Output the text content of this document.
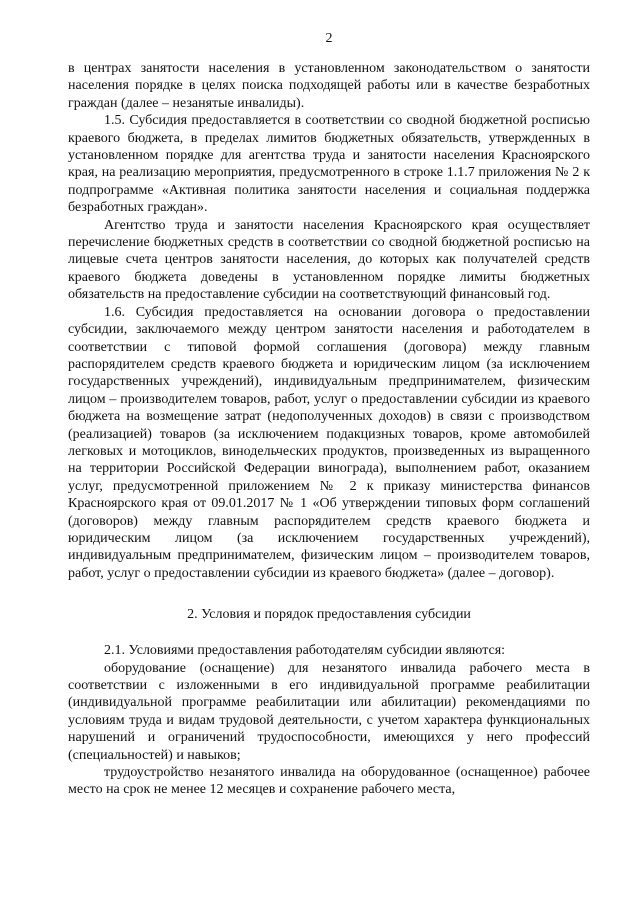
2

в центрах занятости населения в установленном законодательством о занятости населения порядке в целях поиска подходящей работы или в качестве безработных граждан (далее – незанятые инвалиды).

1.5. Субсидия предоставляется в соответствии со сводной бюджетной росписью краевого бюджета, в пределах лимитов бюджетных обязательств, утвержденных в установленном порядке для агентства труда и занятости населения Красноярского края, на реализацию мероприятия, предусмотренного в строке 1.1.7 приложения № 2 к подпрограмме «Активная политика занятости населения и социальная поддержка безработных граждан».

Агентство труда и занятости населения Красноярского края осуществляет перечисление бюджетных средств в соответствии со сводной бюджетной росписью на лицевые счета центров занятости населения, до которых как получателей средств краевого бюджета доведены в установленном порядке лимиты бюджетных обязательств на предоставление субсидии на соответствующий финансовый год.

1.6. Субсидия предоставляется на основании договора о предоставлении субсидии, заключаемого между центром занятости населения и работодателем в соответствии с типовой формой соглашения (договора) между главным распорядителем средств краевого бюджета и юридическим лицом (за исключением государственных учреждений), индивидуальным предпринимателем, физическим лицом – производителем товаров, работ, услуг о предоставлении субсидии из краевого бюджета на возмещение затрат (недополученных доходов) в связи с производством (реализацией) товаров (за исключением подакцизных товаров, кроме автомобилей легковых и мотоциклов, винодельческих продуктов, произведенных из выращенного на территории Российской Федерации винограда), выполнением работ, оказанием услуг, предусмотренной приложением № 2 к приказу министерства финансов Красноярского края от 09.01.2017 № 1 «Об утверждении типовых форм соглашений (договоров) между главным распорядителем средств краевого бюджета и юридическим лицом (за исключением государственных учреждений), индивидуальным предпринимателем, физическим лицом – производителем товаров, работ, услуг о предоставлении субсидии из краевого бюджета» (далее – договор).

2. Условия и порядок предоставления субсидии

2.1. Условиями предоставления работодателям субсидии являются:

оборудование (оснащение) для незанятого инвалида рабочего места в соответствии с изложенными в его индивидуальной программе реабилитации (индивидуальной программе реабилитации или абилитации) рекомендациями по условиям труда и видам трудовой деятельности, с учетом характера функциональных нарушений и ограничений трудоспособности, имеющихся у него профессий (специальностей) и навыков;

трудоустройство незанятого инвалида на оборудованное (оснащенное) рабочее место на срок не менее 12 месяцев и сохранение рабочего места,
